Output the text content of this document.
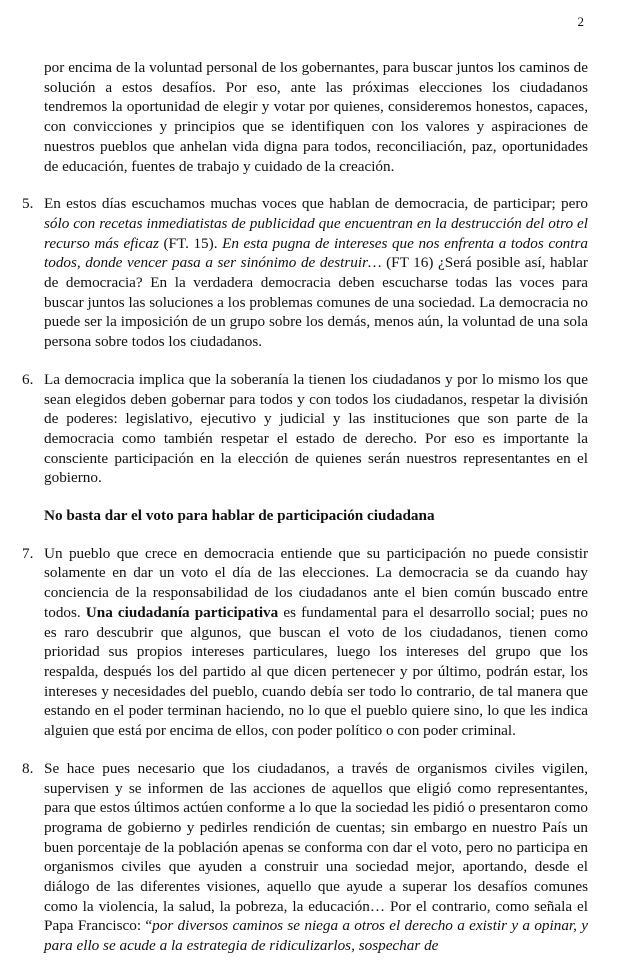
2

por encima de la voluntad personal de los gobernantes, para buscar juntos los caminos de solución a estos desafíos. Por eso, ante las próximas elecciones los ciudadanos tendremos la oportunidad de elegir y votar por quienes, consideremos honestos, capaces, con convicciones y principios que se identifiquen con los valores y aspiraciones de nuestros pueblos que anhelan vida digna para todos, reconciliación, paz, oportunidades de educación, fuentes de trabajo y cuidado de la creación.

5. En estos días escuchamos muchas voces que hablan de democracia, de participar; pero sólo con recetas inmediatistas de publicidad que encuentran en la destrucción del otro el recurso más eficaz (FT. 15). En esta pugna de intereses que nos enfrenta a todos contra todos, donde vencer pasa a ser sinónimo de destruir… (FT 16) ¿Será posible así, hablar de democracia? En la verdadera democracia deben escucharse todas las voces para buscar juntos las soluciones a los problemas comunes de una sociedad. La democracia no puede ser la imposición de un grupo sobre los demás, menos aún, la voluntad de una sola persona sobre todos los ciudadanos.

6. La democracia implica que la soberanía la tienen los ciudadanos y por lo mismo los que sean elegidos deben gobernar para todos y con todos los ciudadanos, respetar la división de poderes: legislativo, ejecutivo y judicial y las instituciones que son parte de la democracia como también respetar el estado de derecho. Por eso es importante la consciente participación en la elección de quienes serán nuestros representantes en el gobierno.

No basta dar el voto para hablar de participación ciudadana

7. Un pueblo que crece en democracia entiende que su participación no puede consistir solamente en dar un voto el día de las elecciones. La democracia se da cuando hay conciencia de la responsabilidad de los ciudadanos ante el bien común buscado entre todos. Una ciudadanía participativa es fundamental para el desarrollo social; pues no es raro descubrir que algunos, que buscan el voto de los ciudadanos, tienen como prioridad sus propios intereses particulares, luego los intereses del grupo que los respalda, después los del partido al que dicen pertenecer y por último, podrán estar, los intereses y necesidades del pueblo, cuando debía ser todo lo contrario, de tal manera que estando en el poder terminan haciendo, no lo que el pueblo quiere sino, lo que les indica alguien que está por encima de ellos, con poder político o con poder criminal.

8. Se hace pues necesario que los ciudadanos, a través de organismos civiles vigilen, supervisen y se informen de las acciones de aquellos que eligió como representantes, para que estos últimos actúen conforme a lo que la sociedad les pidió o presentaron como programa de gobierno y pedirles rendición de cuentas; sin embargo en nuestro País un buen porcentaje de la población apenas se conforma con dar el voto, pero no participa en organismos civiles que ayuden a construir una sociedad mejor, aportando, desde el diálogo de las diferentes visiones, aquello que ayude a superar los desafíos comunes como la violencia, la salud, la pobreza, la educación… Por el contrario, como señala el Papa Francisco: “por diversos caminos se niega a otros el derecho a existir y a opinar, y para ello se acude a la estrategia de ridiculizarlos, sospechar de
